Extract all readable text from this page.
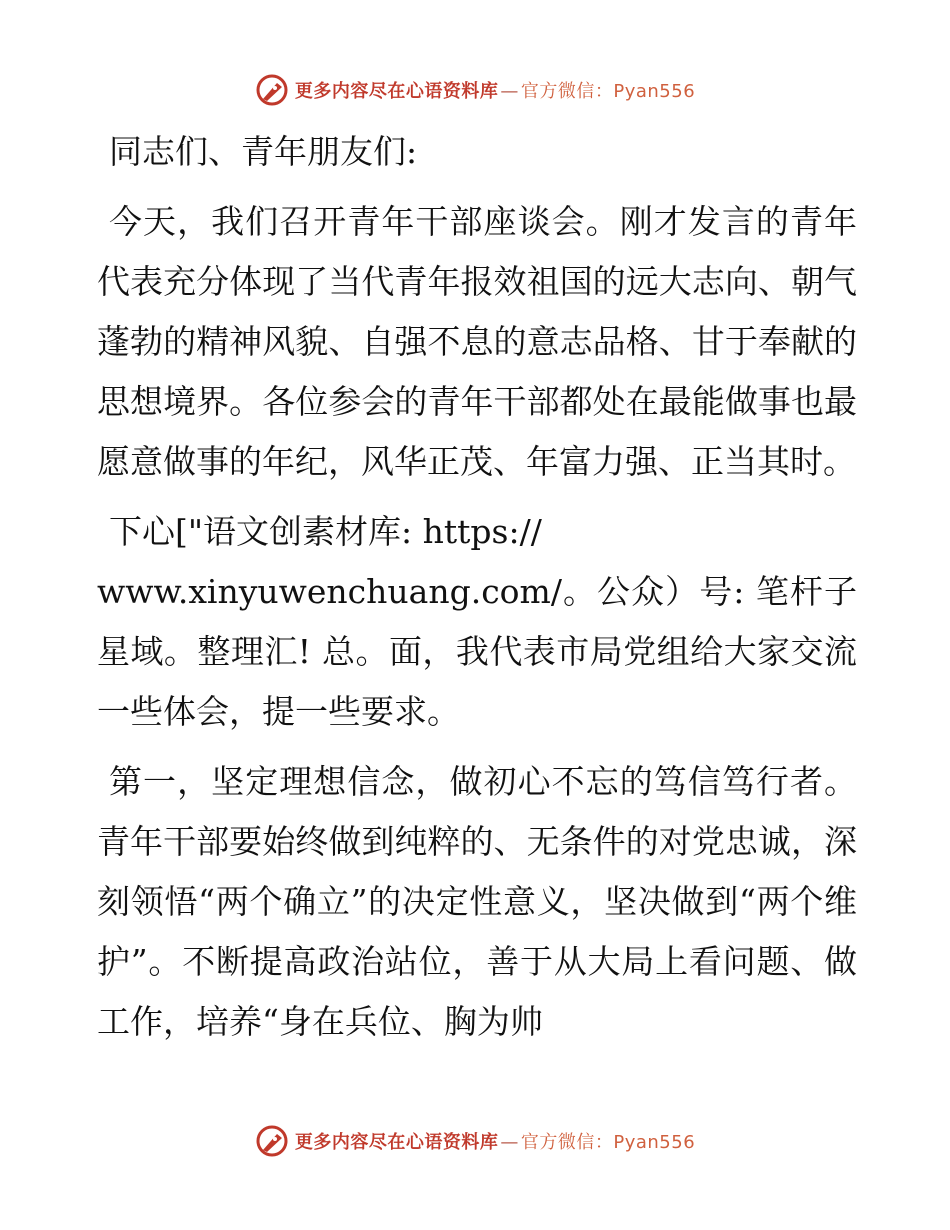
更多内容尽在心语资料库 — 官方微信：Pyan556

同志们、青年朋友们:

今天，我们召开青年干部座谈会。刚才发言的青年代表充分体现了当代青年报效祖国的远大志向、朝气蓬勃的精神风貌、自强不息的意志品格、甘于奉献的思想境界。各位参会的青年干部都处在最能做事也最愿意做事的年纪，风华正茂、年富力强、正当其时。

下心["语文创素材库: https://
www.xinyuwenchuang.com/。公众）号: 笔杆子星域。整理汇! 总。面，我代表市局党组给大家交流一些体会，提一些要求。

第一，坚定理想信念，做初心不忘的笃信笃行者。青年干部要始终做到纯粹的、无条件的对党忠诚，深刻领悟“两个确立”的决定性意义，坚决做到“两个维护”。不断提高政治站位，善于从大局上看问题、做工作，培养“身在兵位、胸为帅

更多内容尽在心语资料库 — 官方微信：Pyan556
